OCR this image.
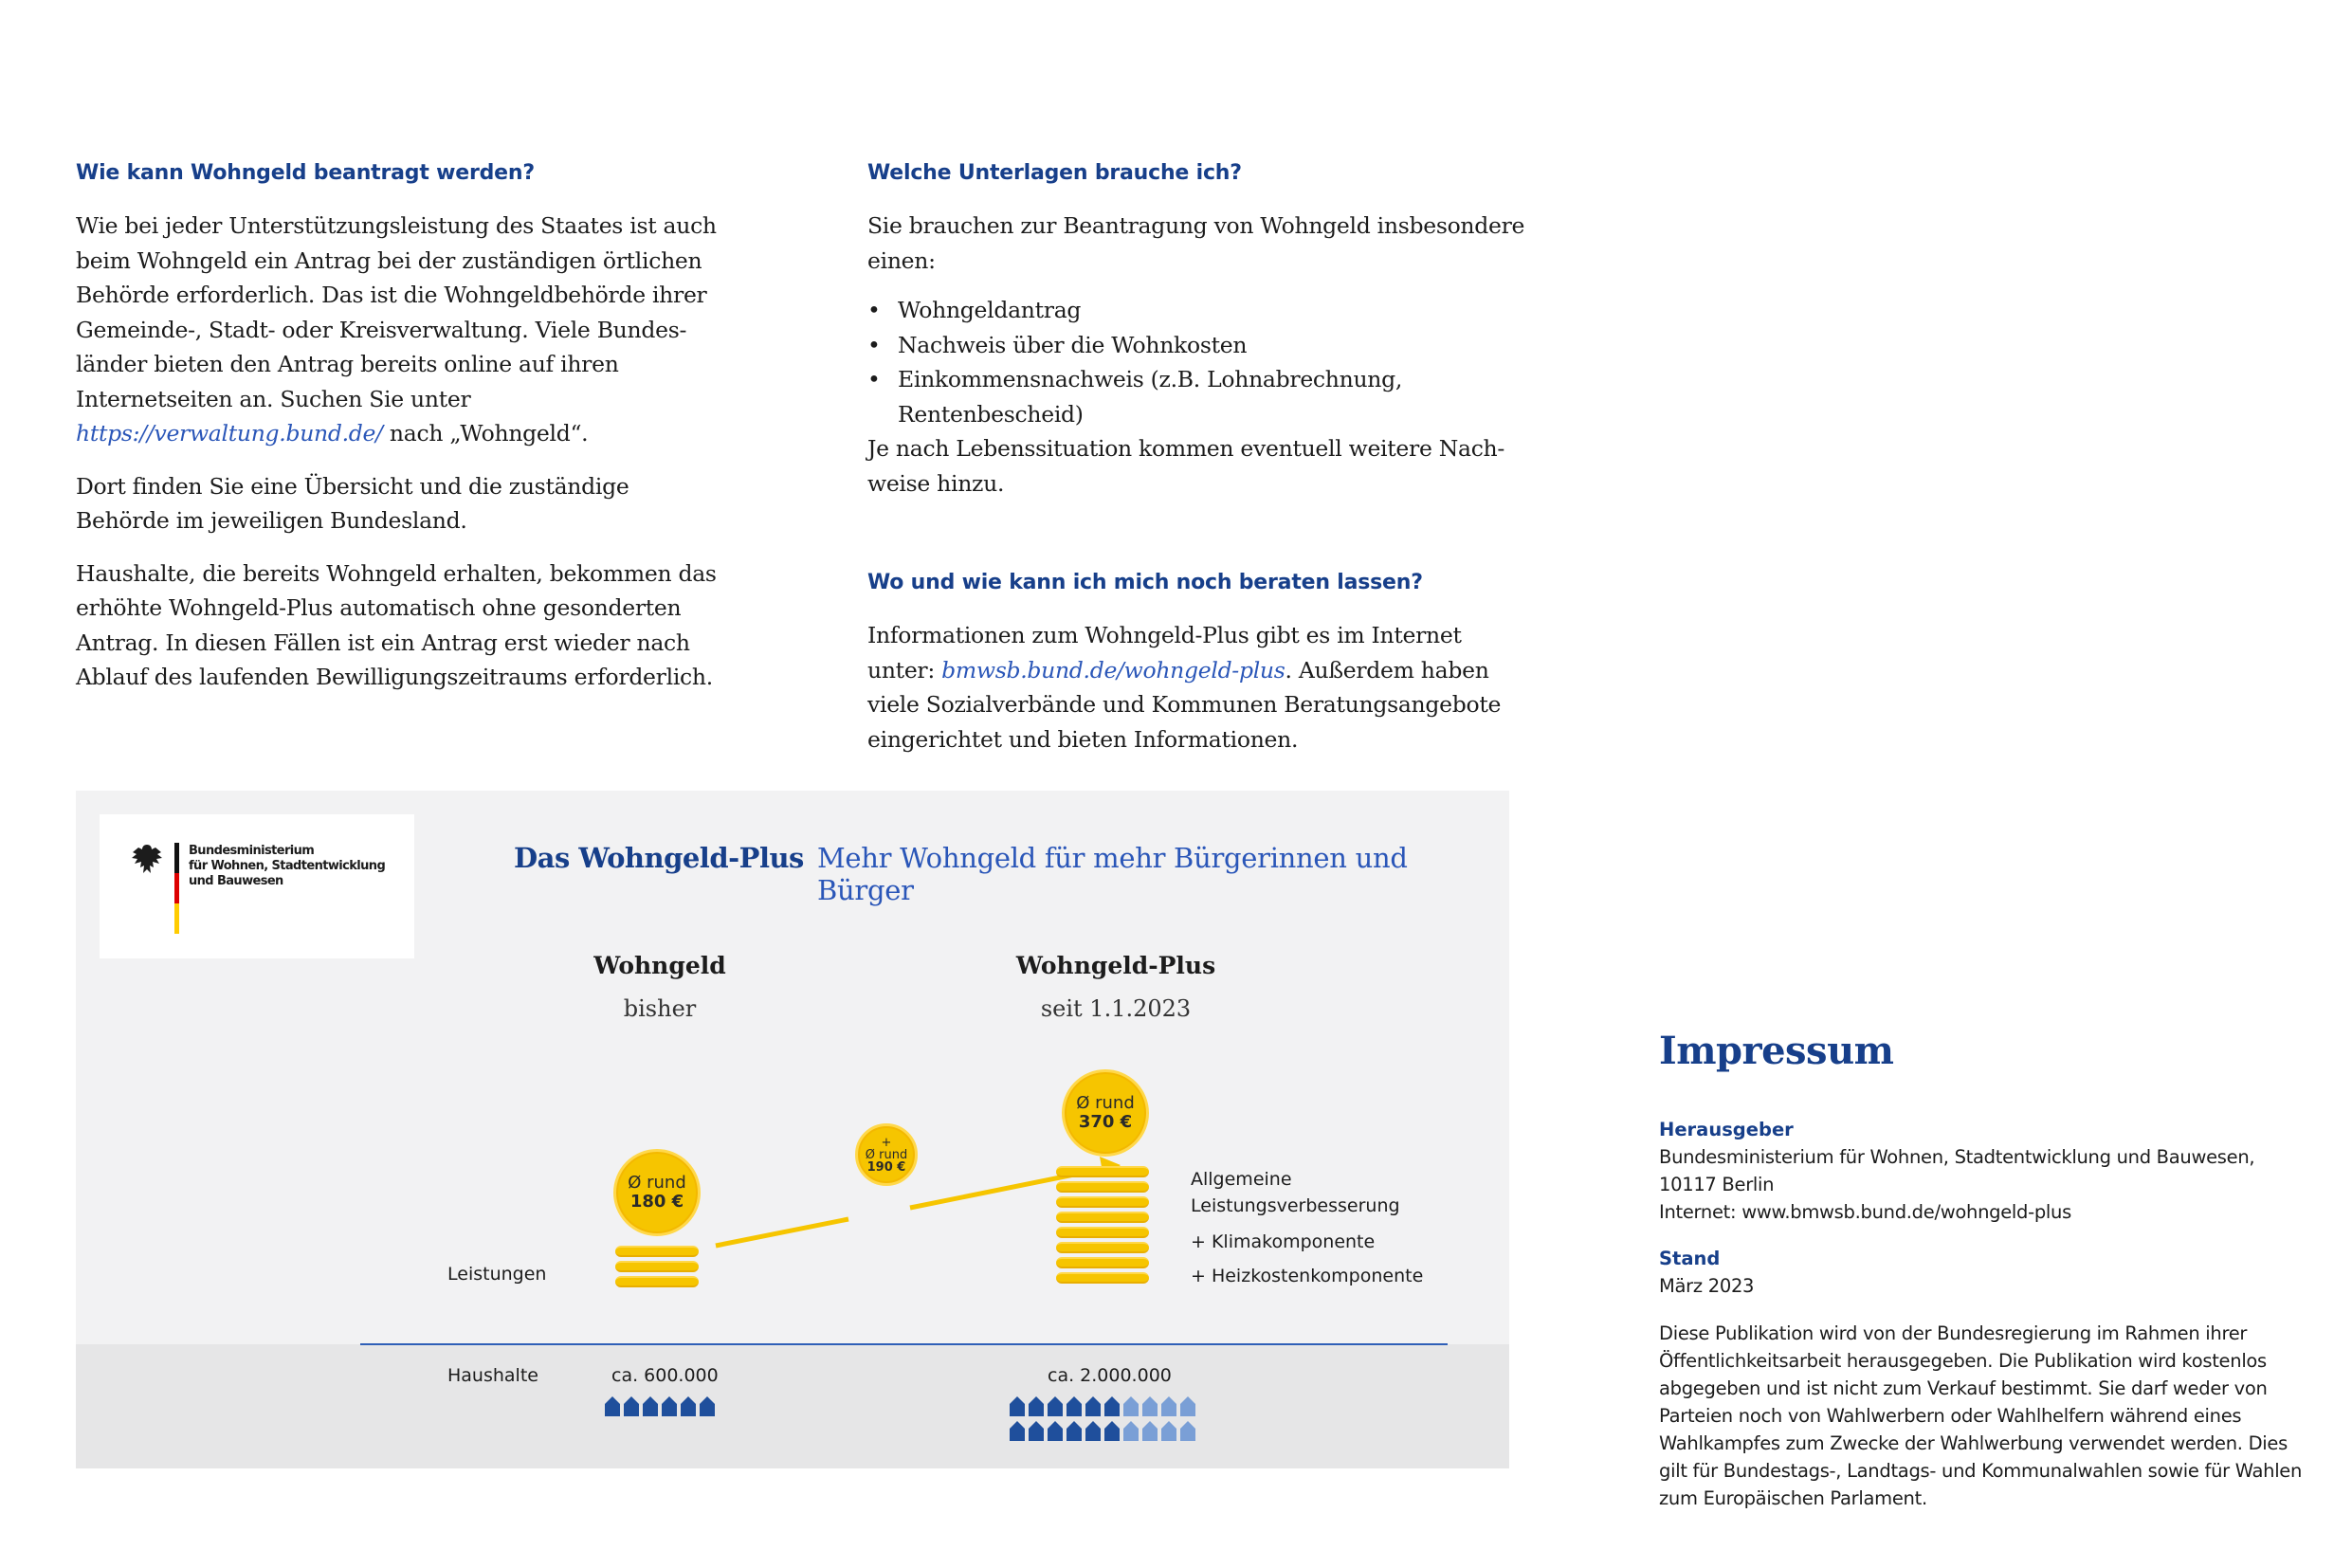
Wie kann Wohngeld beantragt werden?

Wie bei jeder Unterstützungsleistung des Staates ist auch beim Wohngeld ein Antrag bei der zuständigen örtlichen Behörde erforderlich. Das ist die Wohngeldbehörde ihrer Gemeinde-, Stadt- oder Kreisverwaltung. Viele Bundesländer bieten den Antrag bereits online auf ihren Internetseiten an. Suchen Sie unter https://verwaltung.bund.de/ nach „Wohngeld“.

Dort finden Sie eine Übersicht und die zuständige Behörde im jeweiligen Bundesland.

Haushalte, die bereits Wohngeld erhalten, bekommen das erhöhte Wohngeld-Plus automatisch ohne gesonderten Antrag. In diesen Fällen ist ein Antrag erst wieder nach Ablauf des laufenden Bewilligungszeitraums erforderlich.

Welche Unterlagen brauche ich?

Sie brauchen zur Beantragung von Wohngeld insbesondere einen:

• Wohngeldantrag
• Nachweis über die Wohnkosten
• Einkommensnachweis (z.B. Lohnabrechnung, Rentenbescheid)

Je nach Lebenssituation kommen eventuell weitere Nachweise hinzu.

Wo und wie kann ich mich noch beraten lassen?

Informationen zum Wohngeld-Plus gibt es im Internet unter: bmwsb.bund.de/wohngeld-plus. Außerdem haben viele Sozialverbände und Kommunen Beratungsangebote eingerichtet und bieten Informationen.

Bundesministerium
für Wohnen, Stadtentwicklung
und Bauwesen
Das Wohngeld-Plus Mehr Wohngeld für mehr Bürgerinnen und Bürger
Wohngeld
bisher
Wohngeld-Plus
seit 1.1.2023
Ø rund
180 €
+
Ø rund
190 €
Ø rund
370 €
Leistungen
Allgemeine Leistungsverbesserung
+ Klimakomponente
+ Heizkostenkomponente
Haushalte	ca. 600.000	ca. 2.000.000
Impressum
Herausgeber

Bundesministerium für Wohnen, Stadtentwicklung und Bauwesen,

10117 Berlin

Internet: www.bmwsb.bund.de/wohngeld-plus

Stand

März 2023

Diese Publikation wird von der Bundesregierung im Rahmen ihrer Öffentlichkeitsarbeit herausgegeben. Die Publikation wird kostenlos abgegeben und ist nicht zum Verkauf bestimmt. Sie darf weder von Parteien noch von Wahlwerbern oder Wahlhelfern während eines Wahlkampfes zum Zwecke der Wahlwerbung verwendet werden. Dies gilt für Bundestags-, Landtags- und Kommunalwahlen sowie für Wahlen zum Europäischen Parlament.
